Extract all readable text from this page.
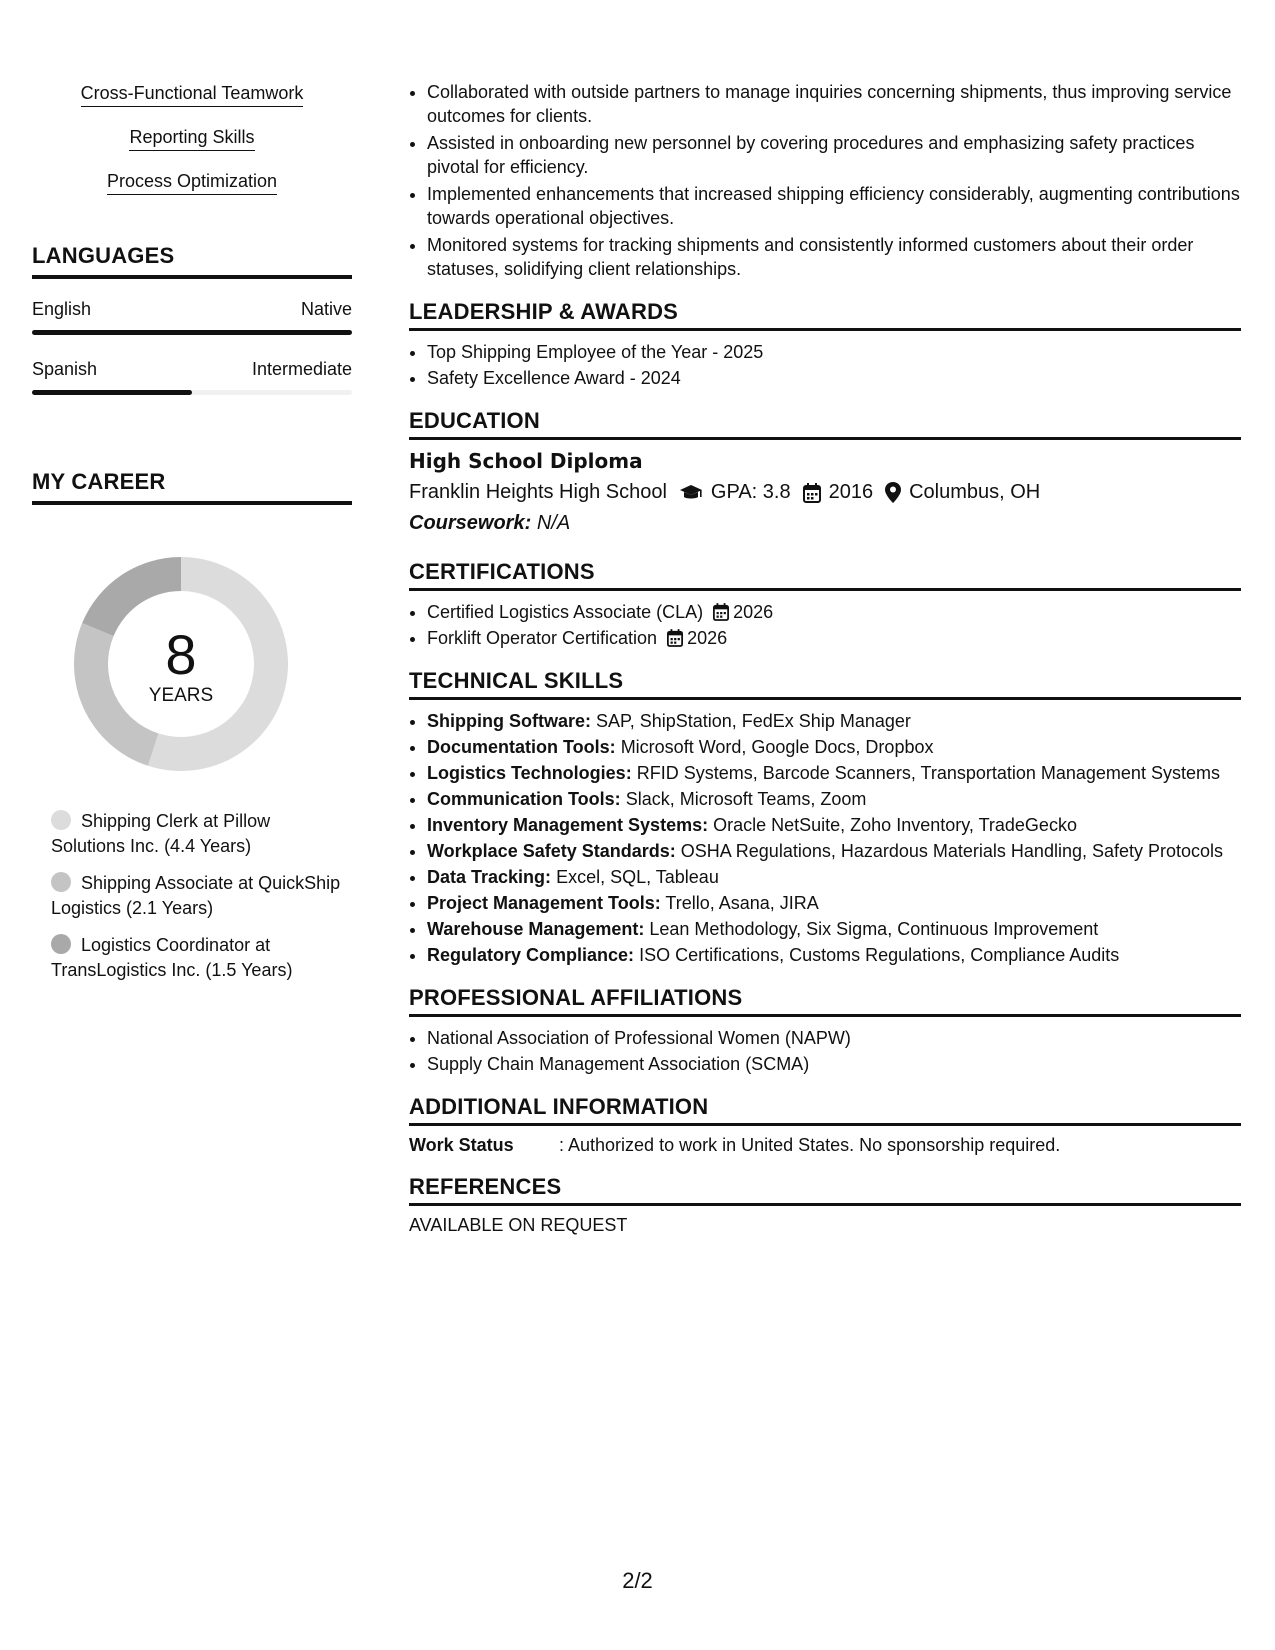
Cross-Functional Teamwork
Reporting Skills
Process Optimization
LANGUAGES
English	Native
Spanish	Intermediate
MY CAREER
8
YEARS
Shipping Clerk at Pillow Solutions Inc. (4.4 Years)
Shipping Associate at QuickShip Logistics (2.1 Years)
Logistics Coordinator at TransLogistics Inc. (1.5 Years)
• Collaborated with outside partners to manage inquiries concerning shipments, thus improving service outcomes for clients.
• Assisted in onboarding new personnel by covering procedures and emphasizing safety practices pivotal for efficiency.
• Implemented enhancements that increased shipping efficiency considerably, augmenting contributions towards operational objectives.
• Monitored systems for tracking shipments and consistently informed customers about their order statuses, solidifying client relationships.
LEADERSHIP & AWARDS
• Top Shipping Employee of the Year - 2025
• Safety Excellence Award - 2024
EDUCATION
High School Diploma
Franklin Heights High School GPA: 3.8 2016 Columbus, OH
Coursework: N/A
CERTIFICATIONS
• Certified Logistics Associate (CLA) 2026
• Forklift Operator Certification 2026
TECHNICAL SKILLS
• Shipping Software: SAP, ShipStation, FedEx Ship Manager
• Documentation Tools: Microsoft Word, Google Docs, Dropbox
• Logistics Technologies: RFID Systems, Barcode Scanners, Transportation Management Systems
• Communication Tools: Slack, Microsoft Teams, Zoom
• Inventory Management Systems: Oracle NetSuite, Zoho Inventory, TradeGecko
• Workplace Safety Standards: OSHA Regulations, Hazardous Materials Handling, Safety Protocols
• Data Tracking: Excel, SQL, Tableau
• Project Management Tools: Trello, Asana, JIRA
• Warehouse Management: Lean Methodology, Six Sigma, Continuous Improvement
• Regulatory Compliance: ISO Certifications, Customs Regulations, Compliance Audits
PROFESSIONAL AFFILIATIONS
• National Association of Professional Women (NAPW)
• Supply Chain Management Association (SCMA)
ADDITIONAL INFORMATION
Work Status	: Authorized to work in United States. No sponsorship required.
REFERENCES
AVAILABLE ON REQUEST
2/2
